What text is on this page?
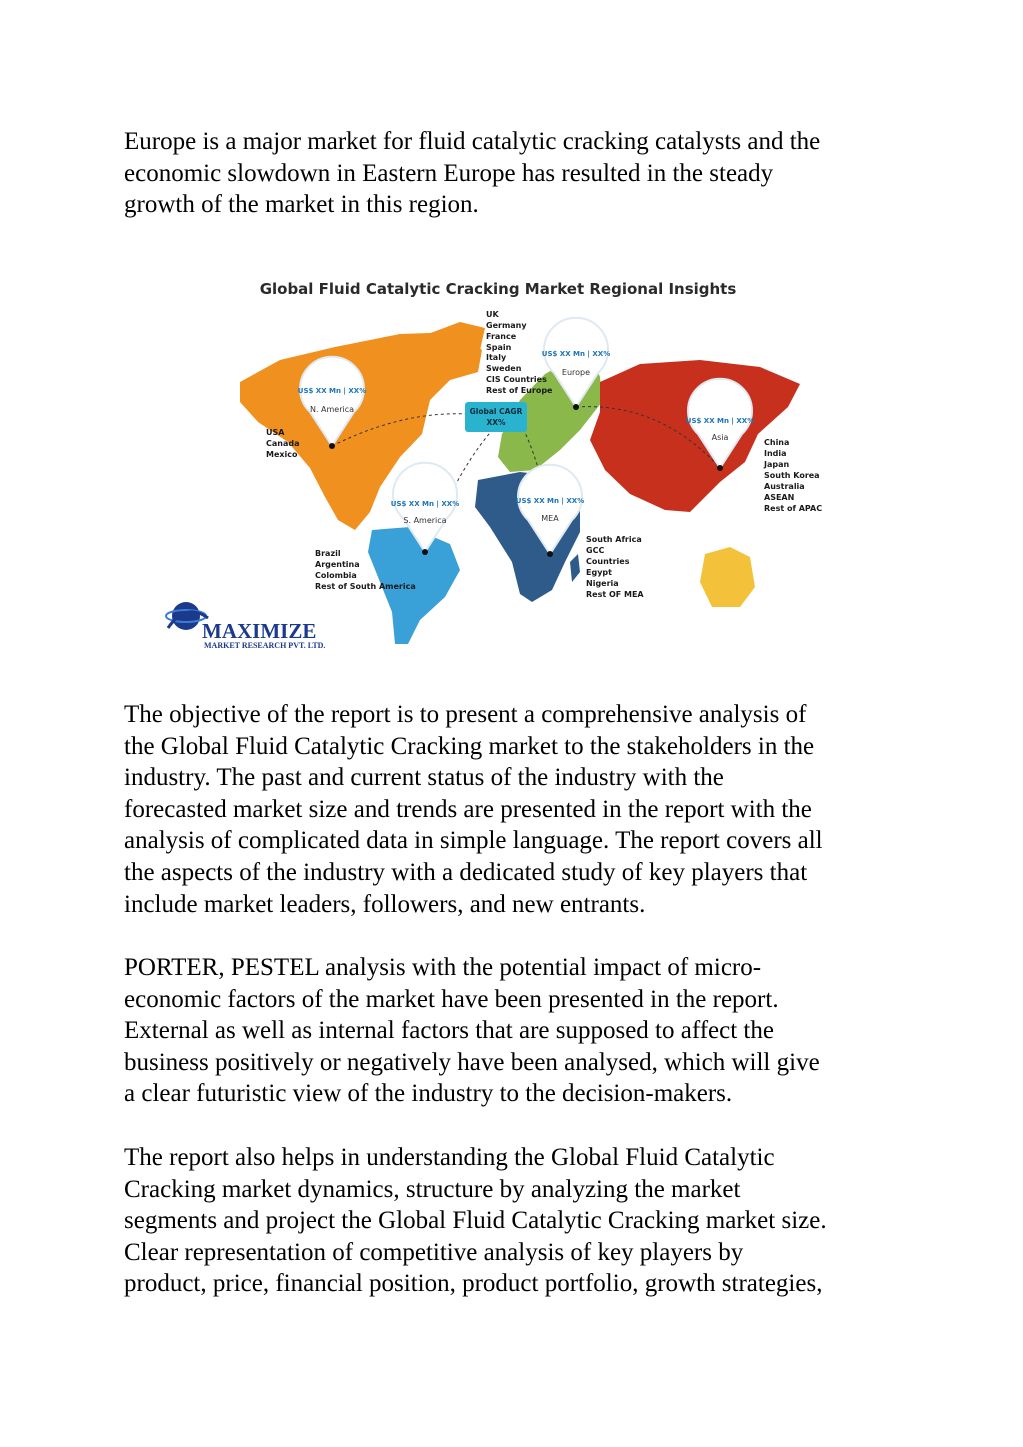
Europe is a major market for fluid catalytic cracking catalysts and the
economic slowdown in Eastern Europe has resulted in the steady
growth of the market in this region.
Global Fluid Catalytic Cracking Market Regional Insights
Global CAGR
XX%
US$ XX Mn | XX%
N. America
US$ XX Mn | XX%
Europe
US$ XX Mn | XX%
Asia
US$ XX Mn | XX%
S. America
US$ XX Mn | XX%
MEA
USA
Canada
Mexico
UK
Germany
France
Spain
Italy
Sweden
CIS Countries
Rest of Europe
China
India
Japan
South Korea
Australia
ASEAN
Rest of APAC
Brazil
Argentina
Colombia
Rest of South America
South Africa
GCC
Countries
Egypt
Nigeria
Rest OF MEA
MAXIMIZE
MARKET RESEARCH PVT. LTD.
The objective of the report is to present a comprehensive analysis of
the Global Fluid Catalytic Cracking market to the stakeholders in the
industry. The past and current status of the industry with the
forecasted market size and trends are presented in the report with the
analysis of complicated data in simple language. The report covers all
the aspects of the industry with a dedicated study of key players that
include market leaders, followers, and new entrants.
PORTER, PESTEL analysis with the potential impact of micro-
economic factors of the market have been presented in the report.
External as well as internal factors that are supposed to affect the
business positively or negatively have been analysed, which will give
a clear futuristic view of the industry to the decision-makers.
The report also helps in understanding the Global Fluid Catalytic
Cracking market dynamics, structure by analyzing the market
segments and project the Global Fluid Catalytic Cracking market size.
Clear representation of competitive analysis of key players by
product, price, financial position, product portfolio, growth strategies,
